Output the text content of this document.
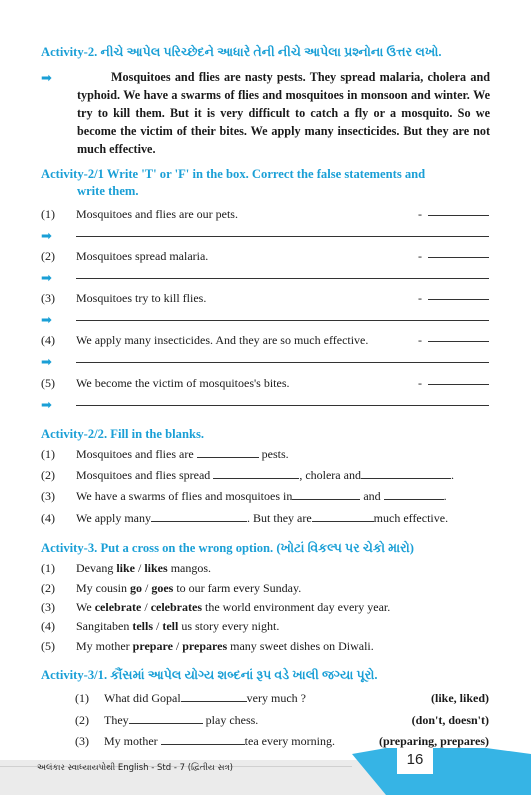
Activity-2. નીચે આપેલ પરિચ્છેદને આધારે તેની નીચે આપેલા પ્રશ્નોના ઉત્તર લખો.
➡	Mosquitoes and flies are nasty pests. They spread malaria, cholera and typhoid. We have a swarms of flies and mosquitoes in monsoon and winter. We try to kill them. But it is very difficult to catch a fly or a mosquito. So we become the victim of their bites. We apply many insecticides. But they are not much effective.
Activity-2/1 Write 'T' or 'F' in the box. Correct the false statements and
write them.
(1) Mosquitoes and flies are our pets.	-
➡
(2) Mosquitoes spread malaria.	-
➡
(3) Mosquitoes try to kill flies.	-
➡
(4) We apply many insecticides. And they are so much effective.	-
➡
(5) We become the victim of mosquitoes's bites.	-
➡
Activity-2/2. Fill in the blanks.
(1) Mosquitoes and flies are	pests.
(2) Mosquitoes and flies spread	, cholera and	.
(3) We have a swarms of flies and mosquitoes in	and	.
(4) We apply many	. But they are	much effective.
Activity-3. Put a cross on the wrong option. (ખોટાં વિકલ્પ પર ચેકો મારો)
(1) Devang like / likes mangos.
(2) My cousin go / goes to our farm every Sunday.
(3) We celebrate / celebrates the world environment day every year.
(4) Sangitaben tells / tell us story every night.
(5) My mother prepare / prepares many sweet dishes on Diwali.
Activity-3/1. કૌંસમાં આપેલ યોગ્ય શબ્દનાં રૂપ વડે ખાલી જગ્યા પૂરો.
(1) What did Gopal	very much ?	(like, liked)
(2) They	play chess.	(don't, doesn't)
(3) My mother	tea every morning.	(preparing, prepares)
અલંકાર સ્વાધ્યાયપોથી English - Std - 7 (દ્વિતીય સત્ર)	16
